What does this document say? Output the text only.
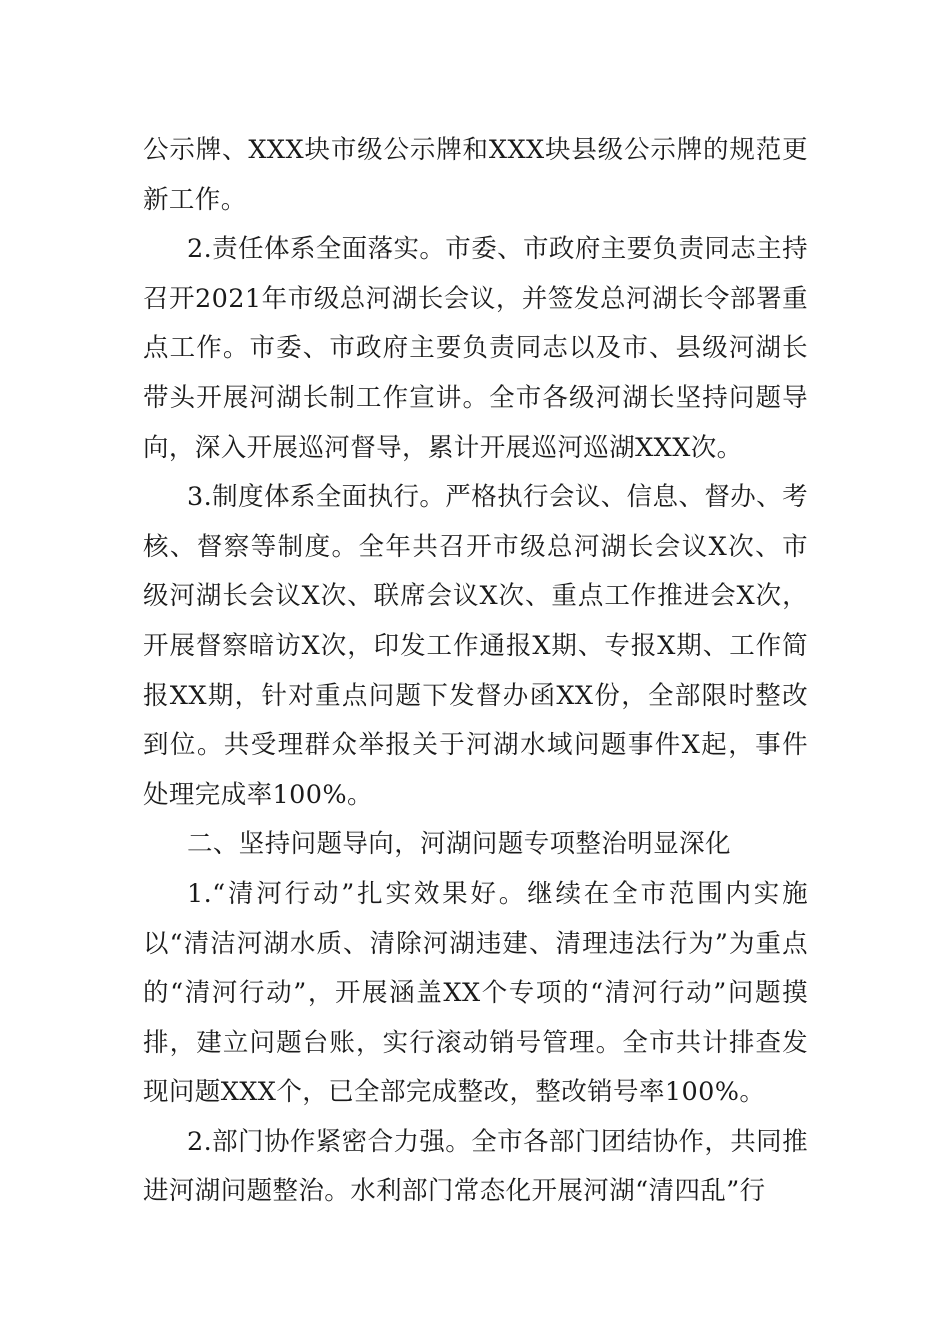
公示牌、XXX块市级公示牌和XXX块县级公示牌的规范更新工作。

2.责任体系全面落实。市委、市政府主要负责同志主持召开2021年市级总河湖长会议，并签发总河湖长令部署重点工作。市委、市政府主要负责同志以及市、县级河湖长带头开展河湖长制工作宣讲。全市各级河湖长坚持问题导向，深入开展巡河督导，累计开展巡河巡湖XXX次。

3.制度体系全面执行。严格执行会议、信息、督办、考核、督察等制度。全年共召开市级总河湖长会议X次、市级河湖长会议X次、联席会议X次、重点工作推进会X次，开展督察暗访X次，印发工作通报X期、专报X期、工作简报XX期，针对重点问题下发督办函XX份，全部限时整改到位。共受理群众举报关于河湖水域问题事件X起，事件处理完成率100%。

二、坚持问题导向，河湖问题专项整治明显深化

1.“清河行动”扎实效果好。继续在全市范围内实施以“清洁河湖水质、清除河湖违建、清理违法行为”为重点的“清河行动”，开展涵盖XX个专项的“清河行动”问题摸排，建立问题台账，实行滚动销号管理。全市共计排查发现问题XXX个，已全部完成整改，整改销号率100%。

2.部门协作紧密合力强。全市各部门团结协作，共同推进河湖问题整治。水利部门常态化开展河湖“清四乱”行
